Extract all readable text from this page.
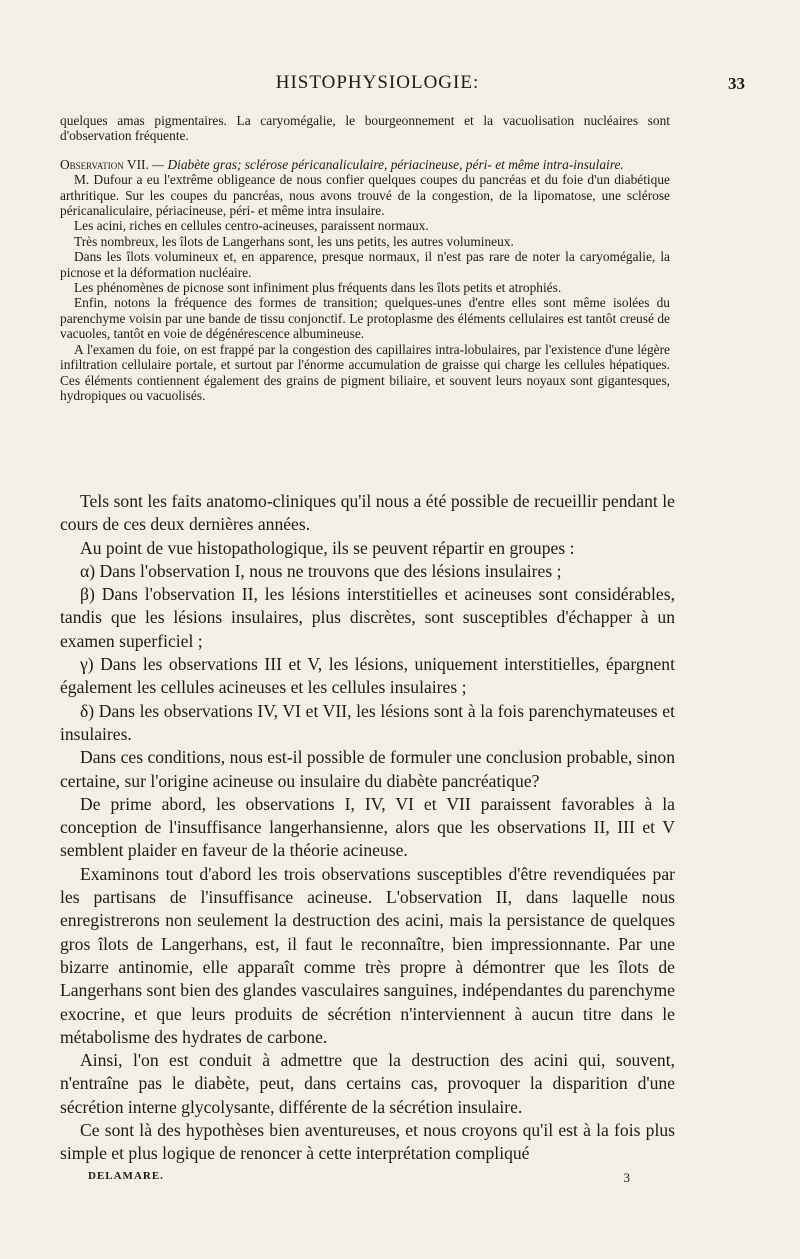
HISTOPHYSIOLOGIE:	33

quelques amas pigmentaires. La caryomégalie, le bourgeonnement et la vacuolisation nucléaires sont d'observation fréquente.

Observation VII. — Diabète gras; sclérose péricanaliculaire, périacineuse, péri- et même intra-insulaire.

M. Dufour a eu l'extrême obligeance de nous confier quelques coupes du pancréas et du foie d'un diabétique arthritique. Sur les coupes du pancréas, nous avons trouvé de la congestion, de la lipomatose, une sclérose péricanaliculaire, périacineuse, péri- et même intra insulaire.

Les acini, riches en cellules centro-acineuses, paraissent normaux.

Très nombreux, les îlots de Langerhans sont, les uns petits, les autres volumineux.

Dans les îlots volumineux et, en apparence, presque normaux, il n'est pas rare de noter la caryomégalie, la picnose et la déformation nucléaire.

Les phénomènes de picnose sont infiniment plus fréquents dans les îlots petits et atrophiés.

Enfin, notons la fréquence des formes de transition; quelques-unes d'entre elles sont même isolées du parenchyme voisin par une bande de tissu conjonctif. Le protoplasme des éléments cellulaires est tantôt creusé de vacuoles, tantôt en voie de dégénérescence albumineuse.

A l'examen du foie, on est frappé par la congestion des capillaires intra-lobulaires, par l'existence d'une légère infiltration cellulaire portale, et surtout par l'énorme accumulation de graisse qui charge les cellules hépatiques. Ces éléments contiennent également des grains de pigment biliaire, et souvent leurs noyaux sont gigantesques, hydropiques ou vacuolisés.

Tels sont les faits anatomo-cliniques qu'il nous a été possible de recueillir pendant le cours de ces deux dernières années.

Au point de vue histopathologique, ils se peuvent répartir en groupes :

α) Dans l'observation I, nous ne trouvons que des lésions insulaires ;

β) Dans l'observation II, les lésions interstitielles et acineuses sont considérables, tandis que les lésions insulaires, plus discrètes, sont susceptibles d'échapper à un examen superficiel ;

γ) Dans les observations III et V, les lésions, uniquement interstitielles, épargnent également les cellules acineuses et les cellules insulaires ;

δ) Dans les observations IV, VI et VII, les lésions sont à la fois parenchymateuses et insulaires.

Dans ces conditions, nous est-il possible de formuler une conclusion probable, sinon certaine, sur l'origine acineuse ou insulaire du diabète pancréatique?

De prime abord, les observations I, IV, VI et VII paraissent favorables à la conception de l'insuffisance langerhansienne, alors que les observations II, III et V semblent plaider en faveur de la théorie acineuse.

Examinons tout d'abord les trois observations susceptibles d'être revendiquées par les partisans de l'insuffisance acineuse. L'observation II, dans laquelle nous enregistrerons non seulement la destruction des acini, mais la persistance de quelques gros îlots de Langerhans, est, il faut le reconnaître, bien impressionnante. Par une bizarre antinomie, elle apparaît comme très propre à démontrer que les îlots de Langerhans sont bien des glandes vasculaires sanguines, indépendantes du parenchyme exocrine, et que leurs produits de sécrétion n'interviennent à aucun titre dans le métabolisme des hydrates de carbone.

Ainsi, l'on est conduit à admettre que la destruction des acini qui, souvent, n'entraîne pas le diabète, peut, dans certains cas, provoquer la disparition d'une sécrétion interne glycolysante, différente de la sécrétion insulaire.

Ce sont là des hypothèses bien aventureuses, et nous croyons qu'il est à la fois plus simple et plus logique de renoncer à cette interprétation compliqué

DELAMARE.	3
